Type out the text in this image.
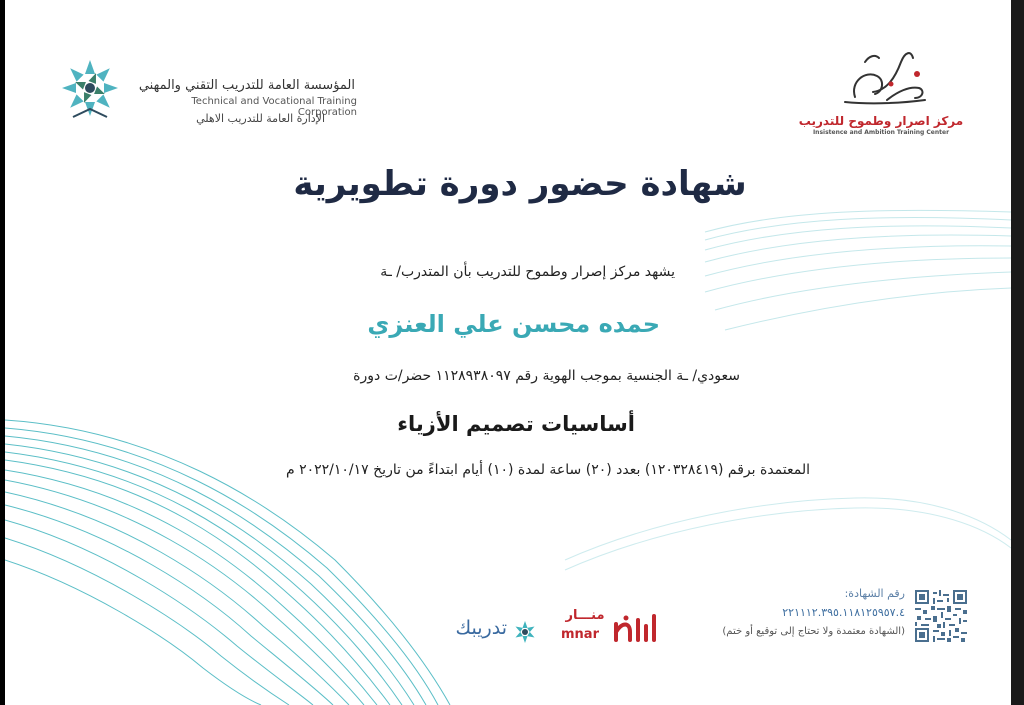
المؤسسة العامة للتدريب التقني والمهني
Technical and Vocational Training Corporation
الإدارة العامة للتدريب الاهلي	مركز اصرار وطموح للتدريب
Insistence and Ambition Training Center
شهادة حضور دورة تطويرية
يشهد مركز إصرار وطموح للتدريب بأن المتدرب/ ـة
حمده محسن علي العنزي
سعودي/ ـة الجنسية بموجب الهوية رقم ١١٢٨٩٣٨٠٩٧ حضر/ت دورة
أساسيات تصميم الأزياء
المعتمدة برقم (١٢٠٣٢٨٤١٩) بعدد (٢٠) ساعة لمدة (١٠) أيام ابتداءً من تاريخ ٢٠٢٢/١٠/١٧ م
رقم الشهادة:
٢٢١١١٢.٣٩٥.١١٨١٢٥٩٥٧.٤
(الشهادة معتمدة ولا تحتاج إلى توقيع أو ختم)
منـــار
mnar
تدريبك
